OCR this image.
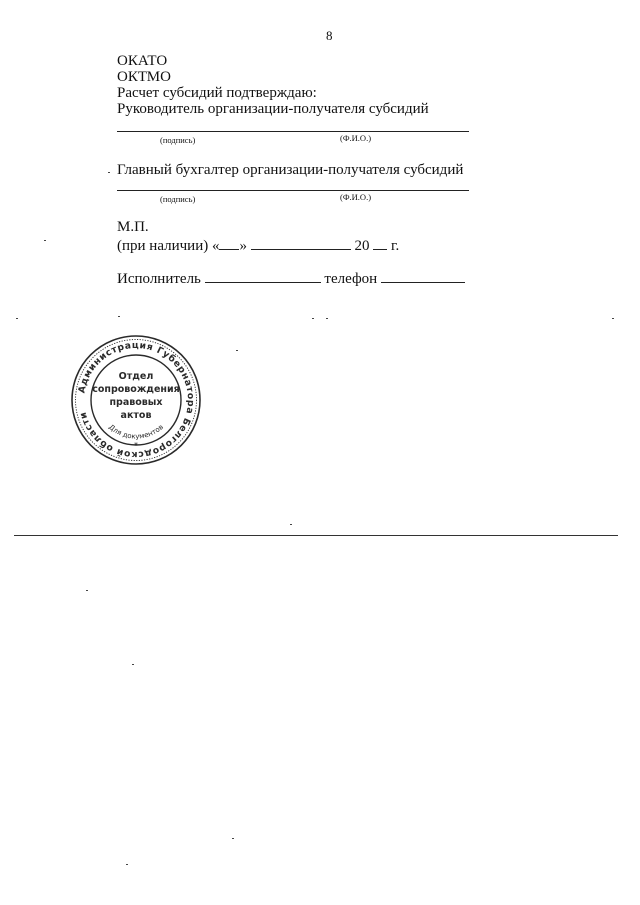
8
ОКАТО
ОКТМО
Расчет субсидий подтверждаю:
Руководитель организации-получателя субсидий
(подпись)	(Ф.И.О.)
Главный бухгалтер организации-получателя субсидий
(подпись)	(Ф.И.О.)
М.П.
(при наличии) « »	20 г.
Исполнитель	телефон
Администрация Губернатора Белгородской области
Для документов
Отдел
сопровождения
правовых
актов
*
